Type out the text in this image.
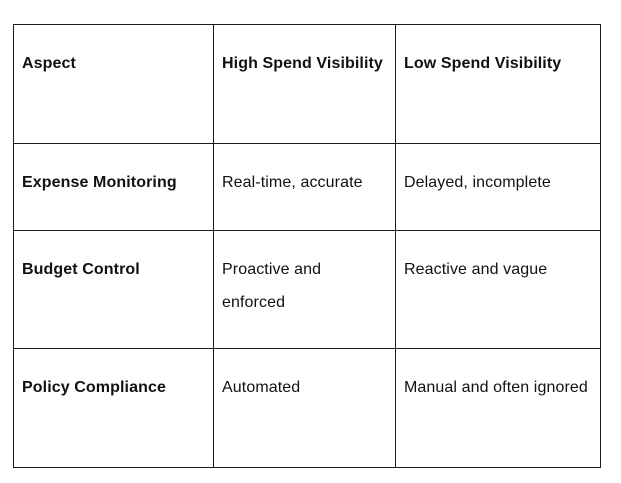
Aspect	High Spend Visibility	Low Spend Visibility
Expense Monitoring	Real-time, accurate	Delayed, incomplete
Budget Control	Proactive and enforced	Reactive and vague
Policy Compliance	Automated	Manual and often ignored
